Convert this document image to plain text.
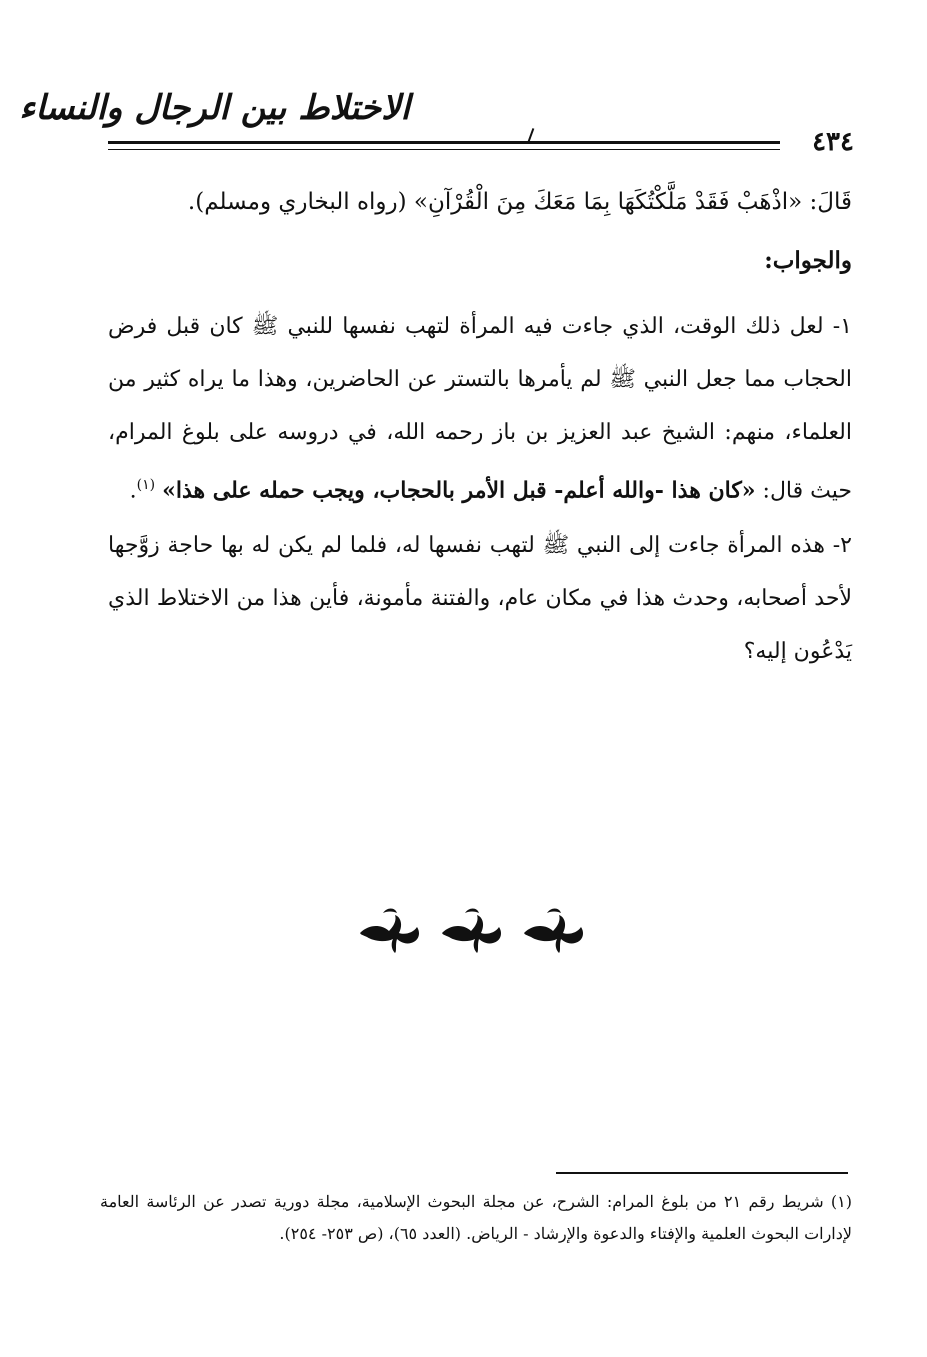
الاختلاط بين الرجال والنساء
٤٣٤
قَالَ: «اذْهَبْ فَقَدْ مَلَّكْتُكَهَا بِمَا مَعَكَ مِنَ الْقُرْآنِ» (رواه البخاري ومسلم).
والجواب:
١- لعل ذلك الوقت، الذي جاءت فيه المرأة لتهب نفسها للنبي ﷺ كان قبل فرض الحجاب مما جعل النبي ﷺ لم يأمرها بالتستر عن الحاضرين، وهذا ما يراه كثير من العلماء، منهم: الشيخ عبد العزيز بن باز رحمه الله، في دروسه على بلوغ المرام، حيث قال: «كان هذا -والله أعلم- قبل الأمر بالحجاب، ويجب حمله على هذا» $^{(١)}$.
٢- هذه المرأة جاءت إلى النبي ﷺ لتهب نفسها له، فلما لم يكن له بها حاجة زوَّجها لأحد أصحابه، وحدث هذا في مكان عام، والفتنة مأمونة، فأين هذا من الاختلاط الذي يَدْعُون إليه؟
(١) شريط رقم ٢١ من بلوغ المرام: الشرح، عن مجلة البحوث الإسلامية، مجلة دورية تصدر عن الرئاسة العامة لإدارات البحوث العلمية والإفتاء والدعوة والإرشاد - الرياض. (العدد ٦٥)، (ص ٢٥٣- ٢٥٤).
